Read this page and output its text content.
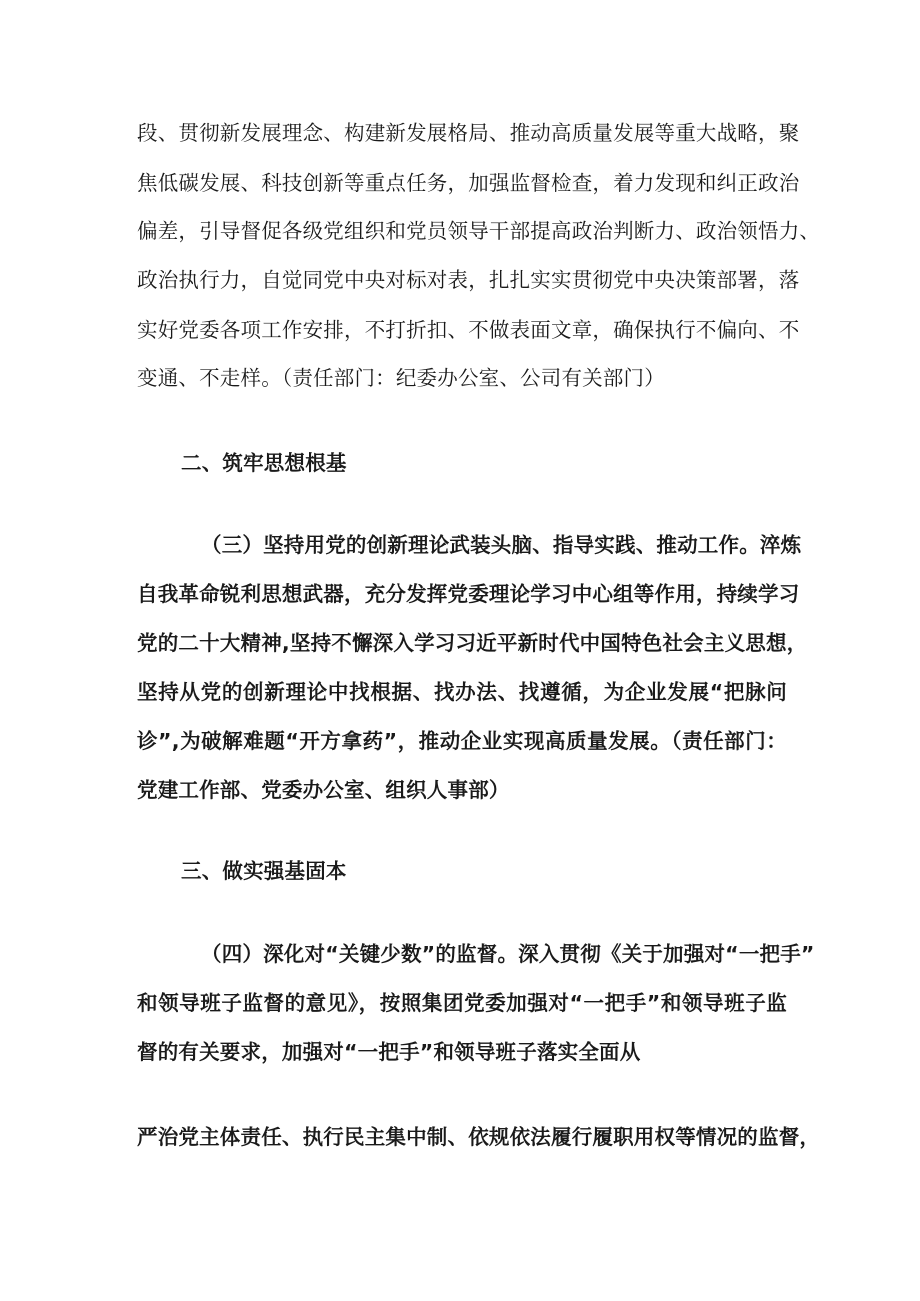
段、贯彻新发展理念、构建新发展格局、推动高质量发展等重大战略，聚
焦低碳发展、科技创新等重点任务，加强监督检查，着力发现和纠正政治
偏差，引导督促各级党组织和党员领导干部提高政治判断力、政治领悟力、
政治执行力，自觉同党中央对标对表，扎扎实实贯彻党中央决策部署，落
实好党委各项工作安排，不打折扣、不做表面文章，确保执行不偏向、不
变通、不走样。（责任部门：纪委办公室、公司有关部门）
二、筑牢思想根基
（三）坚持用党的创新理论武装头脑、指导实践、推动工作。淬炼
自我革命锐利思想武器，充分发挥党委理论学习中心组等作用，持续学习
党的二十大精神,坚持不懈深入学习习近平新时代中国特色社会主义思想，
坚持从党的创新理论中找根据、找办法、找遵循，为企业发展“把脉问
诊”,为破解难题“开方拿药”，推动企业实现高质量发展。（责任部门：
党建工作部、党委办公室、组织人事部）
三、做实强基固本
（四）深化对“关键少数”的监督。深入贯彻《关于加强对“一把手”
和领导班子监督的意见》，按照集团党委加强对“一把手”和领导班子监
督的有关要求，加强对“一把手”和领导班子落实全面从
严治党主体责任、执行民主集中制、依规依法履行履职用权等情况的监督，
